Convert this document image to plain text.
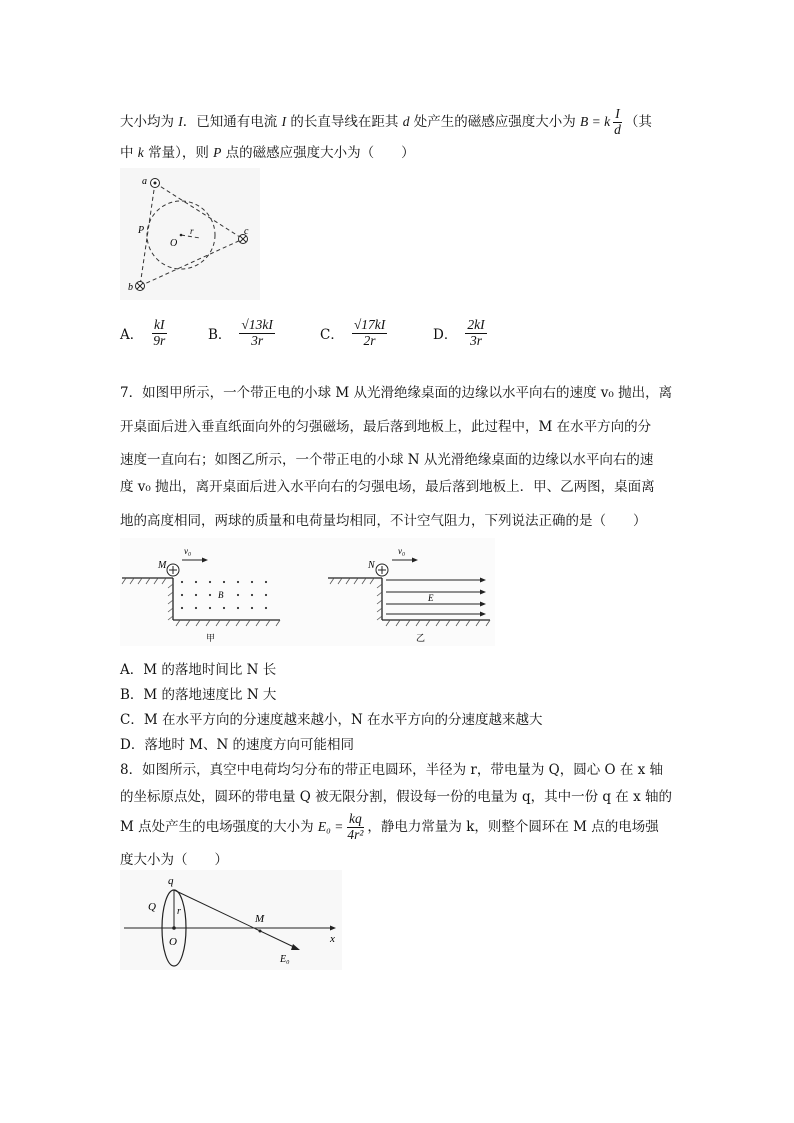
大小均为 I．已知通有电流 I 的长直导线在距其 d 处产生的磁感应强度大小为 B = k $\frac{I}{d}$ （其
中 k 常量），则 P 点的磁感应强度大小为（　　）
a
b
c
P
O
r
A． $\frac{kI}{9r}$	B． $\frac{√13kI}{3r}$	C． $\frac{√17kI}{2r}$	D． $\frac{2kI}{3r}$
7．如图甲所示，一个带正电的小球 M 从光滑绝缘桌面的边缘以水平向右的速度 v₀ 抛出，离
开桌面后进入垂直纸面向外的匀强磁场，最后落到地板上，此过程中，M 在水平方向的分
速度一直向右；如图乙所示，一个带正电的小球 N 从光滑绝缘桌面的边缘以水平向右的速
度 v₀ 抛出，离开桌面后进入水平向右的匀强电场，最后落到地板上．甲、乙两图，桌面离
地的高度相同，两球的质量和电荷量均相同，不计空气阻力，下列说法正确的是（　　）
M
v₀
B
甲
N
v₀
E
乙
A．M 的落地时间比 N 长
B．M 的落地速度比 N 大
C．M 在水平方向的分速度越来越小，N 在水平方向的分速度越来越大
D．落地时 M、N 的速度方向可能相同
8．如图所示，真空中电荷均匀分布的带正电圆环，半径为 r，带电量为 Q，圆心 O 在 x 轴
的坐标原点处，圆环的带电量 Q 被无限分割，假设每一份的电量为 q，其中一份 q 在 x 轴的
M 点处产生的电场强度的大小为 $E_0 = \frac{kq}{\text{4r²}}$ ，静电力常量为 k，则整个圆环在 M 点的电场强
度大小为（　　）
q
Q r
O
M
x
E₀
